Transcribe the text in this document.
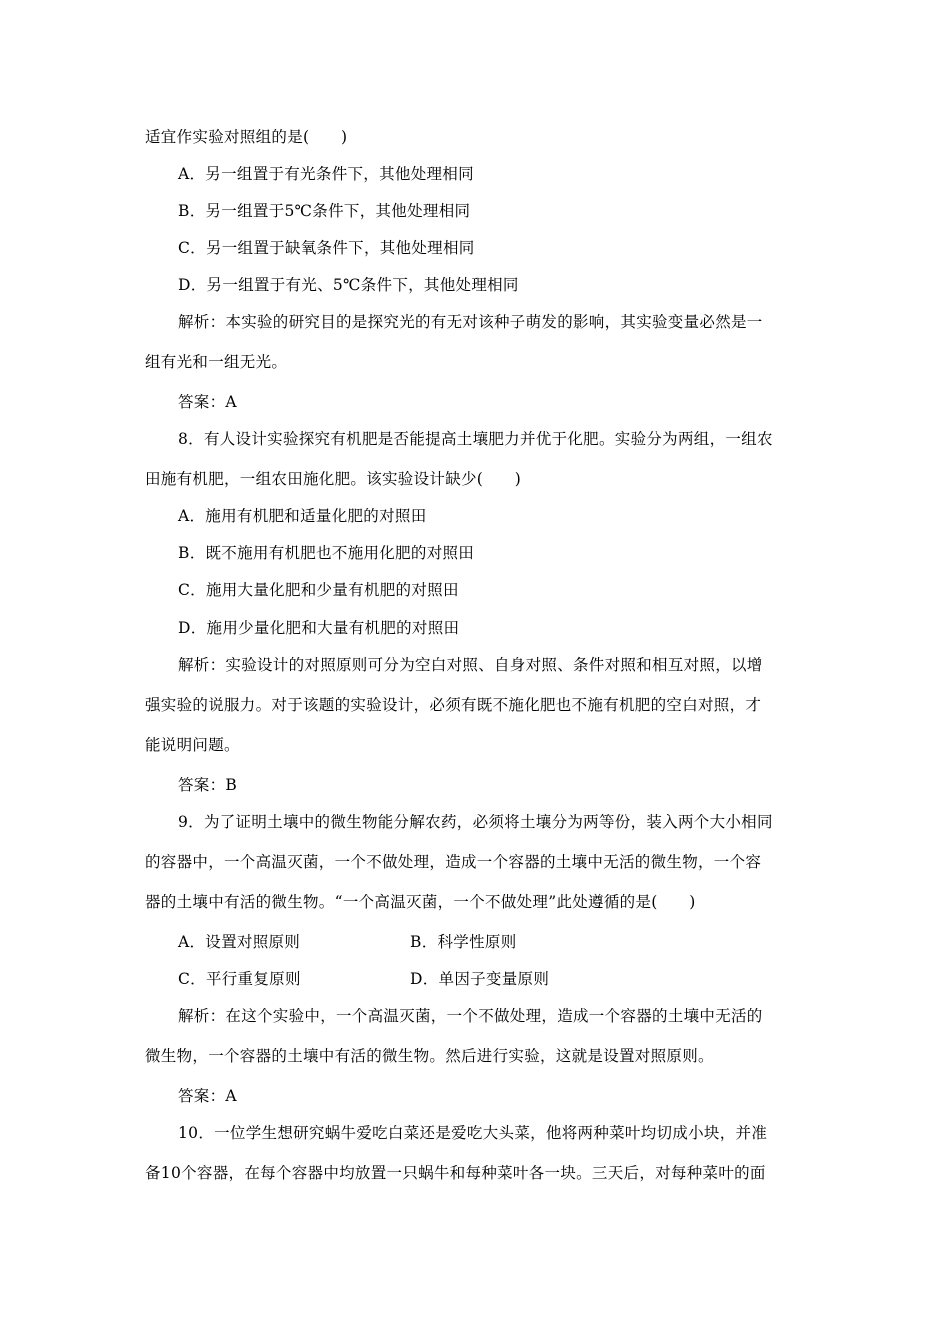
适宜作实验对照组的是(　　)
A．另一组置于有光条件下，其他处理相同
B．另一组置于5℃条件下，其他处理相同
C．另一组置于缺氧条件下，其他处理相同
D．另一组置于有光、5℃条件下，其他处理相同
解析：本实验的研究目的是探究光的有无对该种子萌发的影响，其实验变量必然是一
组有光和一组无光。
答案：A
8．有人设计实验探究有机肥是否能提高土壤肥力并优于化肥。实验分为两组，一组农
田施有机肥，一组农田施化肥。该实验设计缺少(　　)
A．施用有机肥和适量化肥的对照田
B．既不施用有机肥也不施用化肥的对照田
C．施用大量化肥和少量有机肥的对照田
D．施用少量化肥和大量有机肥的对照田
解析：实验设计的对照原则可分为空白对照、自身对照、条件对照和相互对照，以增
强实验的说服力。对于该题的实验设计，必须有既不施化肥也不施有机肥的空白对照，才
能说明问题。
答案：B
9．为了证明土壤中的微生物能分解农药，必须将土壤分为两等份，装入两个大小相同
的容器中，一个高温灭菌，一个不做处理，造成一个容器的土壤中无活的微生物，一个容
器的土壤中有活的微生物。“一个高温灭菌，一个不做处理”此处遵循的是(　　)
A．设置对照原则	B．科学性原则
C．平行重复原则	D．单因子变量原则
解析：在这个实验中，一个高温灭菌，一个不做处理，造成一个容器的土壤中无活的
微生物，一个容器的土壤中有活的微生物。然后进行实验，这就是设置对照原则。
答案：A
10．一位学生想研究蜗牛爱吃白菜还是爱吃大头菜，他将两种菜叶均切成小块，并准
备10个容器，在每个容器中均放置一只蜗牛和每种菜叶各一块。三天后，对每种菜叶的面
